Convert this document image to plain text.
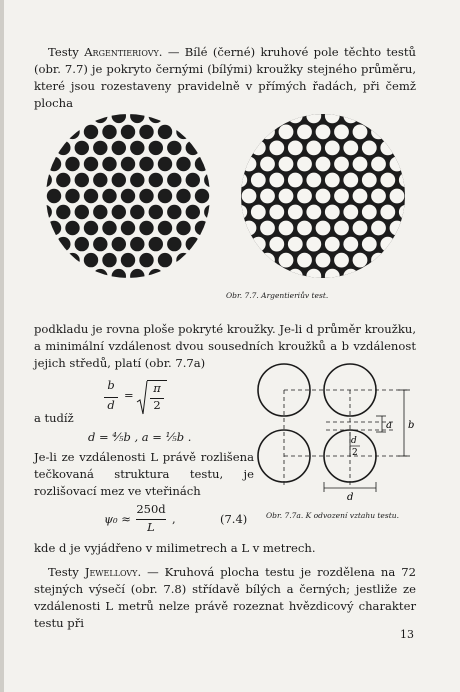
Testy Argentieriovy. — Bílé (černé) kruhové pole těchto testů (obr. 7.7) je pokryto černými (bílými) kroužky stejného průměru, které jsou rozestaveny pravidelně v přímých řadách, při čemž plocha
Obr. 7.7. Argentieriův test.
podkladu je rovna ploše pokryté kroužky. Je-li d průměr kroužku, a minimální vzdálenost dvou sousedních kroužků a b vzdálenost jejich středů, platí (obr. 7.7a)
b
d
=	π
2
a tudíž
d = ⁴⁄₅b , a = ¹⁄₅b .
a b
d
2
d
Obr. 7.7a. K odvození vztahu testu.
Je-li ze vzdálenosti L právě rozlišena tečkovaná struktura testu, je rozlišovací mez ve vteřinách
ψ₀ ≈
250d
L
,	(7.4)
kde d je vyjádřeno v milimetrech a L v metrech.
Testy Jewellovy. — Kruhová plocha testu je rozdělena na 72 stejných výsečí (obr. 7.8) střídavě bílých a černých; jestliže ze vzdálenosti L metrů nelze právě rozeznat hvězdicový charakter testu při
13
